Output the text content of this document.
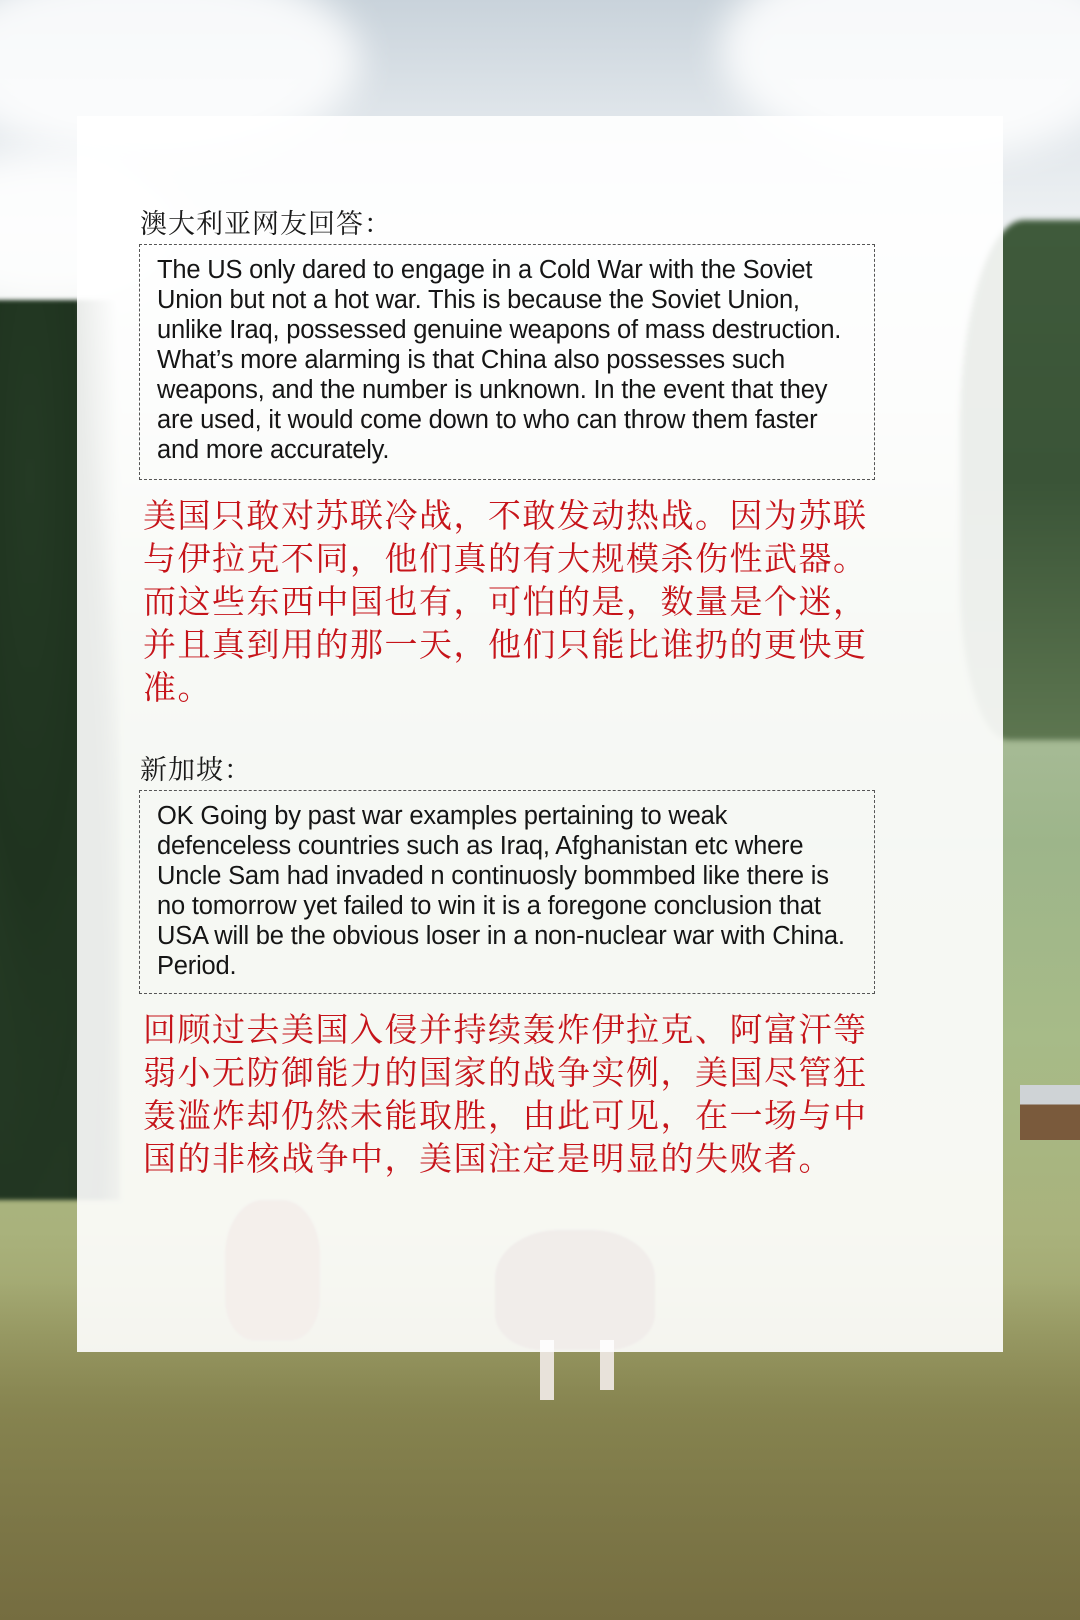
澳大利亚网友回答：
The US only dared to engage in a Cold War with the Soviet Union but not a hot war. This is because the Soviet Union, unlike Iraq, possessed genuine weapons of mass destruction. What’s more alarming is that China also possesses such weapons, and the number is unknown. In the event that they are used, it would come down to who can throw them faster and more accurately.
美国只敢对苏联冷战，不敢发动热战。因为苏联与伊拉克不同，他们真的有大规模杀伤性武器。而这些东西中国也有，可怕的是，数量是个迷，并且真到用的那一天，他们只能比谁扔的更快更准。
新加坡：
OK Going by past war examples pertaining to weak defenceless countries such as Iraq, Afghanistan etc where Uncle Sam had invaded n continuosly bommbed like there is no tomorrow yet failed to win it is a foregone conclusion that USA will be the obvious loser in a non-nuclear war with China. Period.
回顾过去美国入侵并持续轰炸伊拉克、阿富汗等弱小无防御能力的国家的战争实例，美国尽管狂轰滥炸却仍然未能取胜，由此可见，在一场与中国的非核战争中，美国注定是明显的失败者。
